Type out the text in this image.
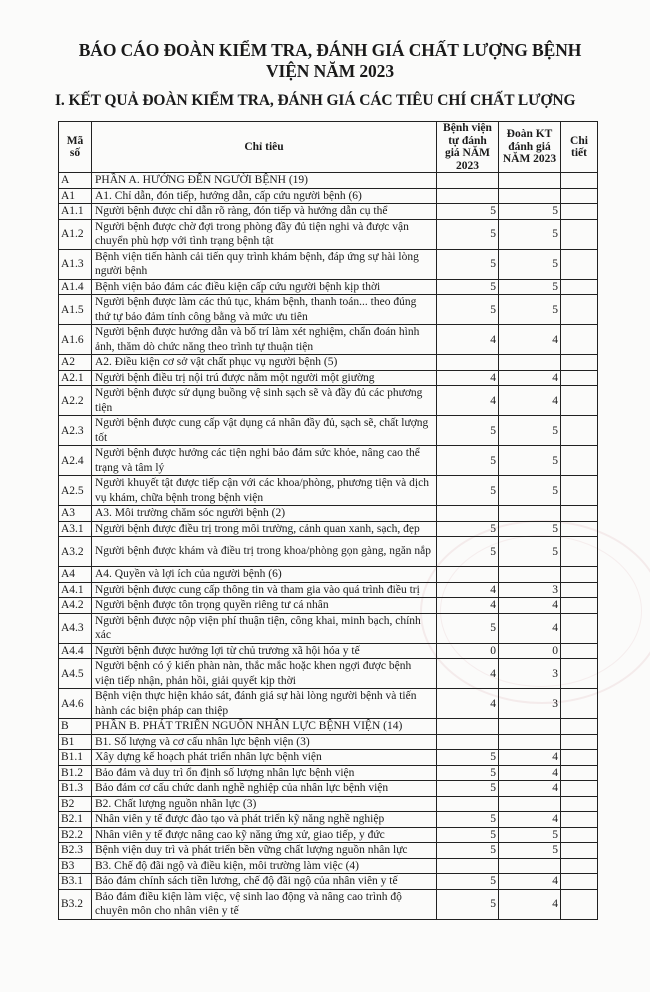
BÁO CÁO ĐOÀN KIỂM TRA, ĐÁNH GIÁ CHẤT LƯỢNG BỆNH VIỆN NĂM 2023
I. KẾT QUẢ ĐOÀN KIỂM TRA, ĐÁNH GIÁ CÁC TIÊU CHÍ CHẤT LƯỢNG
Mã số	Chỉ tiêu	Bệnh viện tự đánh giá NĂM 2023	Đoàn KT đánh giá NĂM 2023	Chi tiết
A	PHẦN A. HƯỚNG ĐẾN NGƯỜI BỆNH (19)			
A1	A1. Chỉ dẫn, đón tiếp, hướng dẫn, cấp cứu người bệnh (6)			
A1.1	Người bệnh được chỉ dẫn rõ ràng, đón tiếp và hướng dẫn cụ thể	5	5	
A1.2	Người bệnh được chờ đợi trong phòng đầy đủ tiện nghi và được vận chuyển phù hợp với tình trạng bệnh tật	5	5	
A1.3	Bệnh viện tiến hành cải tiến quy trình khám bệnh, đáp ứng sự hài lòng người bệnh	5	5	
A1.4	Bệnh viện bảo đảm các điều kiện cấp cứu người bệnh kịp thời	5	5	
A1.5	Người bệnh được làm các thủ tục, khám bệnh, thanh toán... theo đúng thứ tự bảo đảm tính công bằng và mức ưu tiên	5	5	
A1.6	Người bệnh được hướng dẫn và bố trí làm xét nghiệm, chẩn đoán hình ảnh, thăm dò chức năng theo trình tự thuận tiện	4	4	
A2	A2. Điều kiện cơ sở vật chất phục vụ người bệnh (5)			
A2.1	Người bệnh điều trị nội trú được nằm một người một giường	4	4	
A2.2	Người bệnh được sử dụng buồng vệ sinh sạch sẽ và đầy đủ các phương tiện	4	4	
A2.3	Người bệnh được cung cấp vật dụng cá nhân đầy đủ, sạch sẽ, chất lượng tốt	5	5	
A2.4	Người bệnh được hưởng các tiện nghi bảo đảm sức khỏe, nâng cao thể trạng và tâm lý	5	5	
A2.5	Người khuyết tật được tiếp cận với các khoa/phòng, phương tiện và dịch vụ khám, chữa bệnh trong bệnh viện	5	5	
A3	A3. Môi trường chăm sóc người bệnh (2)			
A3.1	Người bệnh được điều trị trong môi trường, cảnh quan xanh, sạch, đẹp	5	5	
A3.2	Người bệnh được khám và điều trị trong khoa/phòng gọn gàng, ngăn nắp	5	5	
A4	A4. Quyền và lợi ích của người bệnh (6)			
A4.1	Người bệnh được cung cấp thông tin và tham gia vào quá trình điều trị	4	3	
A4.2	Người bệnh được tôn trọng quyền riêng tư cá nhân	4	4	
A4.3	Người bệnh được nộp viện phí thuận tiện, công khai, minh bạch, chính xác	5	4	
A4.4	Người bệnh được hưởng lợi từ chủ trương xã hội hóa y tế	0	0	
A4.5	Người bệnh có ý kiến phàn nàn, thắc mắc hoặc khen ngợi được bệnh viện tiếp nhận, phản hồi, giải quyết kịp thời	4	3	
A4.6	Bệnh viện thực hiện khảo sát, đánh giá sự hài lòng người bệnh và tiến hành các biện pháp can thiệp	4	3	
B	PHẦN B. PHÁT TRIỂN NGUỒN NHÂN LỰC BỆNH VIỆN (14)			
B1	B1. Số lượng và cơ cấu nhân lực bệnh viện (3)			
B1.1	Xây dựng kế hoạch phát triển nhân lực bệnh viện	5	4	
B1.2	Bảo đảm và duy trì ổn định số lượng nhân lực bệnh viện	5	4	
B1.3	Bảo đảm cơ cấu chức danh nghề nghiệp của nhân lực bệnh viện	5	4	
B2	B2. Chất lượng nguồn nhân lực (3)			
B2.1	Nhân viên y tế được đào tạo và phát triển kỹ năng nghề nghiệp	5	4	
B2.2	Nhân viên y tế được nâng cao kỹ năng ứng xử, giao tiếp, y đức	5	5	
B2.3	Bệnh viện duy trì và phát triển bền vững chất lượng nguồn nhân lực	5	5	
B3	B3. Chế độ đãi ngộ và điều kiện, môi trường làm việc (4)			
B3.1	Bảo đảm chính sách tiền lương, chế độ đãi ngộ của nhân viên y tế	5	4	
B3.2	Bảo đảm điều kiện làm việc, vệ sinh lao động và nâng cao trình độ chuyên môn cho nhân viên y tế	5	4	
